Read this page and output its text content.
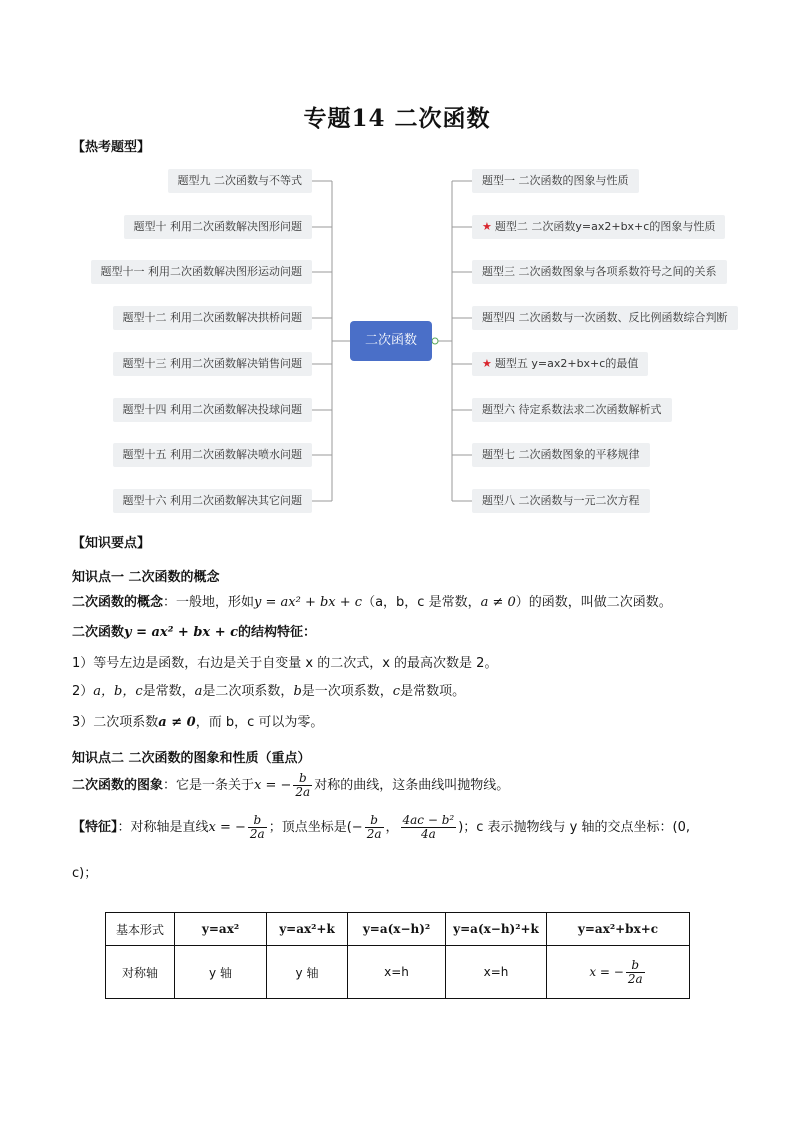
专题14 二次函数
【热考题型】
题型九 二次函数与不等式
题型十 利用二次函数解决图形问题
题型十一 利用二次函数解决图形运动问题
题型十二 利用二次函数解决拱桥问题
题型十三 利用二次函数解决销售问题
题型十四 利用二次函数解决投球问题
题型十五 利用二次函数解决喷水问题
题型十六 利用二次函数解决其它问题
二次函数
题型一 二次函数的图象与性质
★ 题型二 二次函数y=ax2+bx+c的图象与性质
题型三 二次函数图象与各项系数符号之间的关系
题型四 二次函数与一次函数、反比例函数综合判断
★ 题型五 y=ax2+bx+c的最值
题型六 待定系数法求二次函数解析式
题型七 二次函数图象的平移规律
题型八 二次函数与一元二次方程
【知识要点】
知识点一 二次函数的概念
二次函数的概念：一般地，形如y = ax² + bx + c（a，b，c 是常数，a ≠ 0）的函数，叫做二次函数。
二次函数y = ax² + bx + c的结构特征：
1）等号左边是函数，右边是关于自变量 x 的二次式，x 的最高次数是 2。
2）a，b，c是常数，a是二次项系数，b是一次项系数，c是常数项。
3）二次项系数a ≠ 0，而 b，c 可以为零。
知识点二 二次函数的图象和性质（重点）
二次函数的图象：它是一条关于x = − $\frac{b}{2a}$ 对称的曲线，这条曲线叫抛物线。
【特征】：对称轴是直线x = − $\frac{b}{2a}$ ；顶点坐标是(− $\frac{b}{2a}$ ， $\frac{\text{4ac − b²}}{4a}$ )；c 表示抛物线与 y 轴的交点坐标：(0,
c)；
基本形式	y=ax²	y=ax²+k	y=a(x−h)²	y=a(x−h)²+k	y=ax²+bx+c
对称轴	y 轴	y 轴	x=h	x=h	x = − $\frac{b}{2a}$
